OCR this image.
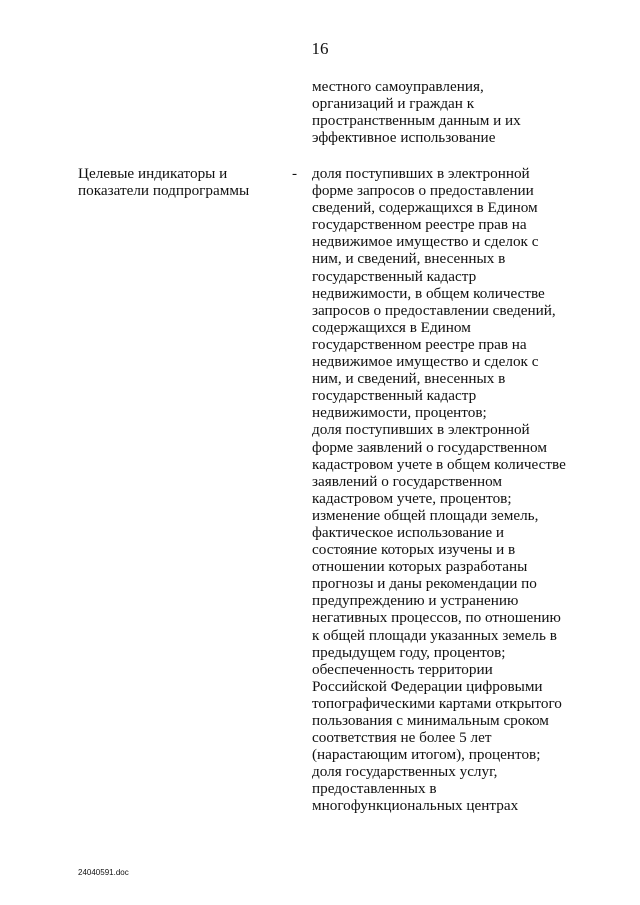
16
местного самоуправления,
организаций и граждан к
пространственным данным и их
эффективное использование
Целевые индикаторы и
показатели подпрограммы
- доля поступивших в электронной
форме запросов о предоставлении
сведений, содержащихся в Едином
государственном реестре прав на
недвижимое имущество и сделок с
ним, и сведений, внесенных в
государственный кадастр
недвижимости, в общем количестве
запросов о предоставлении сведений,
содержащихся в Едином
государственном реестре прав на
недвижимое имущество и сделок с
ним, и сведений, внесенных в
государственный кадастр
недвижимости, процентов;
доля поступивших в электронной
форме заявлений о государственном
кадастровом учете в общем количестве
заявлений о государственном
кадастровом учете, процентов;
изменение общей площади земель,
фактическое использование и
состояние которых изучены и в
отношении которых разработаны
прогнозы и даны рекомендации по
предупреждению и устранению
негативных процессов, по отношению
к общей площади указанных земель в
предыдущем году, процентов;
обеспеченность территории
Российской Федерации цифровыми
топографическими картами открытого
пользования с минимальным сроком
соответствия не более 5 лет
(нарастающим итогом), процентов;
доля государственных услуг,
предоставленных в
многофункциональных центрах
24040591.doc
